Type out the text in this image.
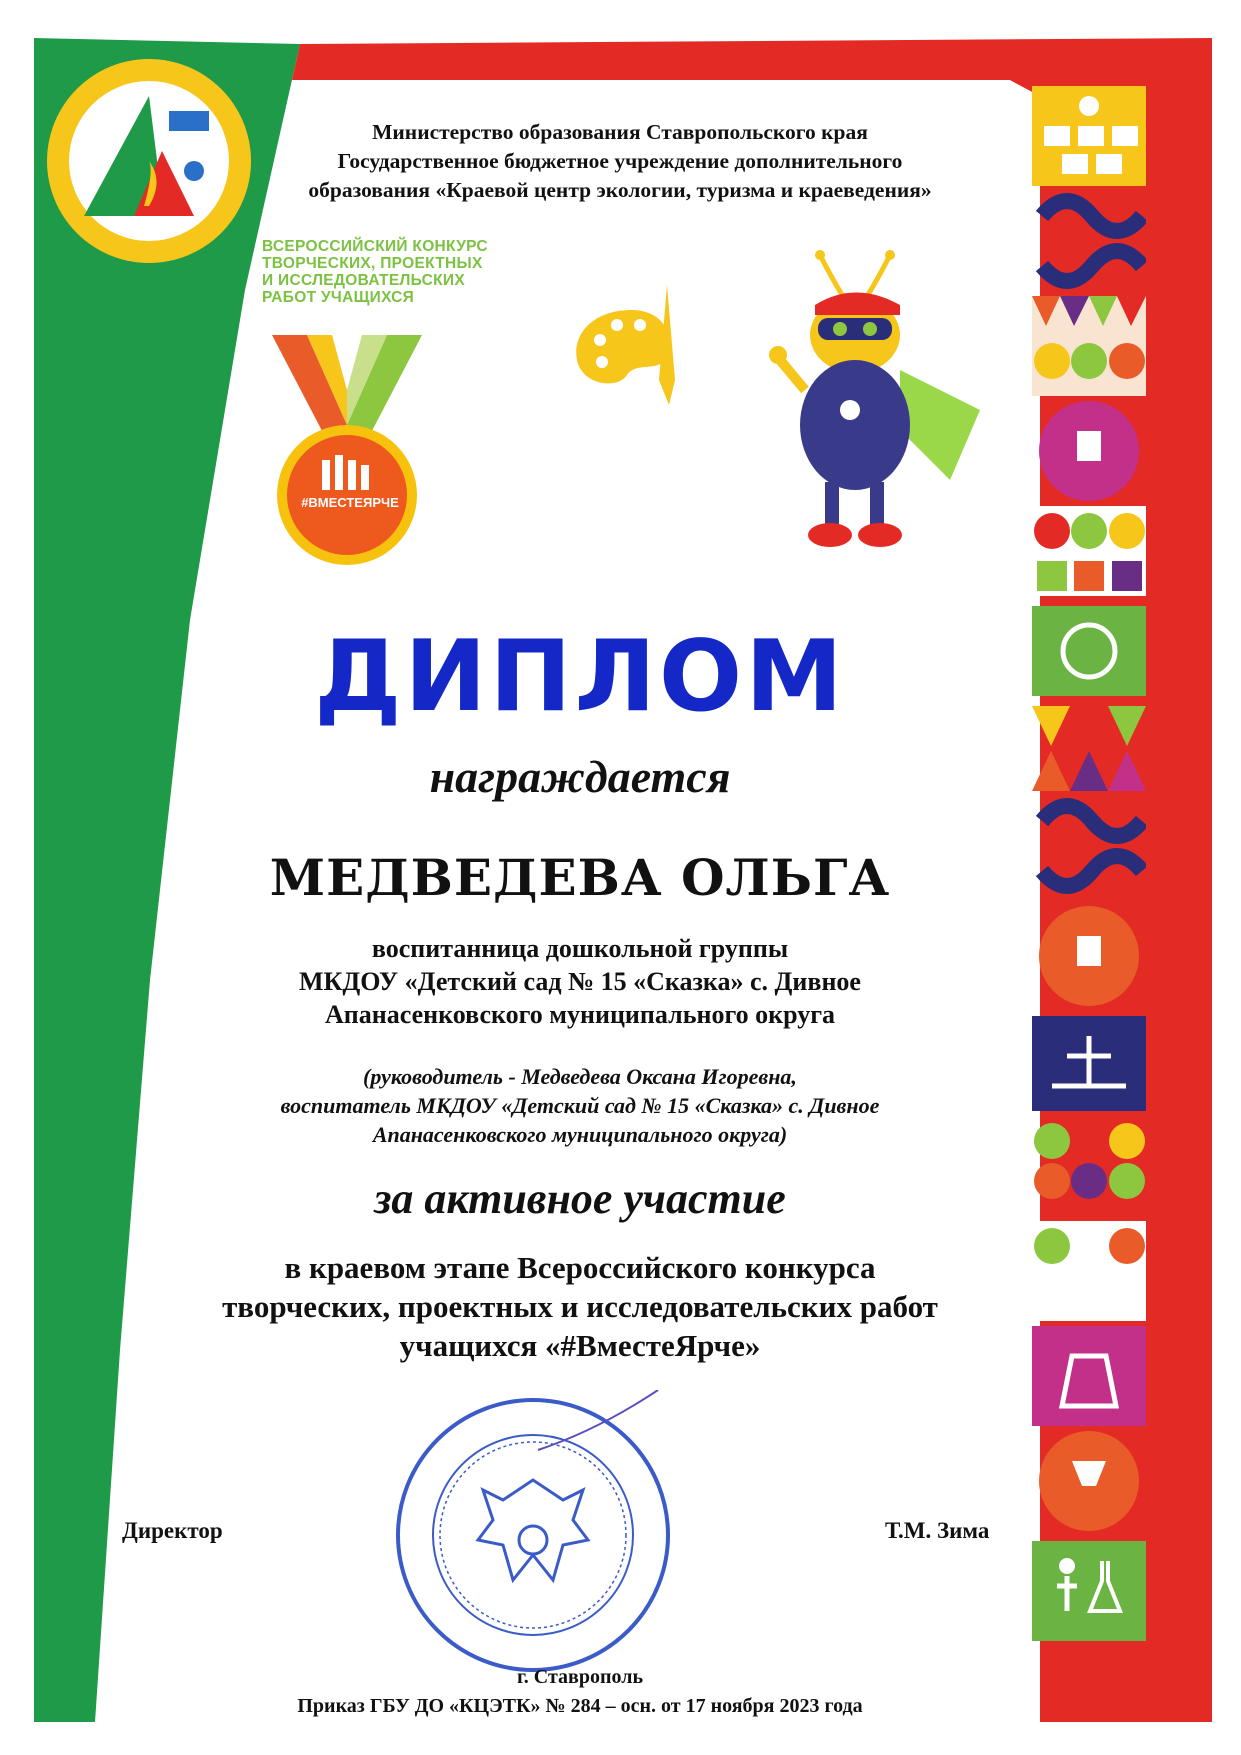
Министерство образования Ставропольского края
Государственное бюджетное учреждение дополнительного
образования «Краевой центр экологии, туризма и краеведения»
ВСЕРОССИЙСКИЙ КОНКУРС
ТВОРЧЕСКИХ, ПРОЕКТНЫХ
И ИССЛЕДОВАТЕЛЬСКИХ
РАБОТ УЧАЩИХСЯ
#ВМЕСТЕЯРЧЕ
ДИПЛОМ
награждается
МЕДВЕДЕВА ОЛЬГА
воспитанница дошкольной группы
МКДОУ «Детский сад № 15 «Сказка» с. Дивное
Апанасенковского муниципального округа
(руководитель - Медведева Оксана Игоревна,
воспитатель МКДОУ «Детский сад № 15 «Сказка» с. Дивное
Апанасенковского муниципального округа)
за активное участие
в краевом этапе Всероссийского конкурса
творческих, проектных и исследовательских работ
учащихся «#ВместеЯрче»
Директор	Т.М. Зима
г. Ставрополь
Приказ ГБУ ДО «КЦЭТК» № 284 – осн. от 17 ноября 2023 года
